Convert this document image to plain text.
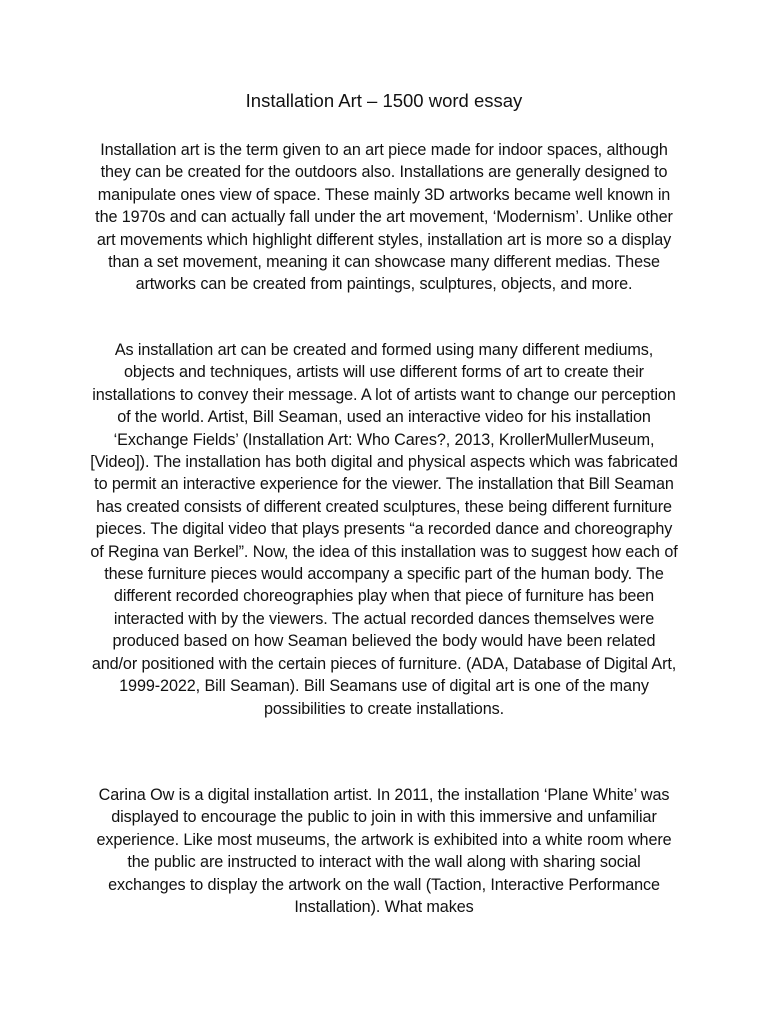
Installation Art – 1500 word essay

Installation art is the term given to an art piece made for indoor spaces, although they can be created for the outdoors also. Installations are generally designed to manipulate ones view of space. These mainly 3D artworks became well known in the 1970s and can actually fall under the art movement, ‘Modernism’. Unlike other art movements which highlight different styles, installation art is more so a display than a set movement, meaning it can showcase many different medias. These artworks can be created from paintings, sculptures, objects, and more.

As installation art can be created and formed using many different mediums, objects and techniques, artists will use different forms of art to create their installations to convey their message. A lot of artists want to change our perception of the world. Artist, Bill Seaman, used an interactive video for his installation ‘Exchange Fields’ (Installation Art: Who Cares?, 2013, KrollerMullerMuseum, [Video]). The installation has both digital and physical aspects which was fabricated to permit an interactive experience for the viewer. The installation that Bill Seaman has created consists of different created sculptures, these being different furniture pieces. The digital video that plays presents “a recorded dance and choreography of Regina van Berkel”. Now, the idea of this installation was to suggest how each of these furniture pieces would accompany a specific part of the human body. The different recorded choreographies play when that piece of furniture has been interacted with by the viewers. The actual recorded dances themselves were produced based on how Seaman believed the body would have been related and/or positioned with the certain pieces of furniture. (ADA, Database of Digital Art, 1999-2022, Bill Seaman). Bill Seamans use of digital art is one of the many possibilities to create installations.

Carina Ow is a digital installation artist. In 2011, the installation ‘Plane White’ was displayed to encourage the public to join in with this immersive and unfamiliar experience. Like most museums, the artwork is exhibited into a white room where the public are instructed to interact with the wall along with sharing social exchanges to display the artwork on the wall (Taction, Interactive Performance Installation). What makes
